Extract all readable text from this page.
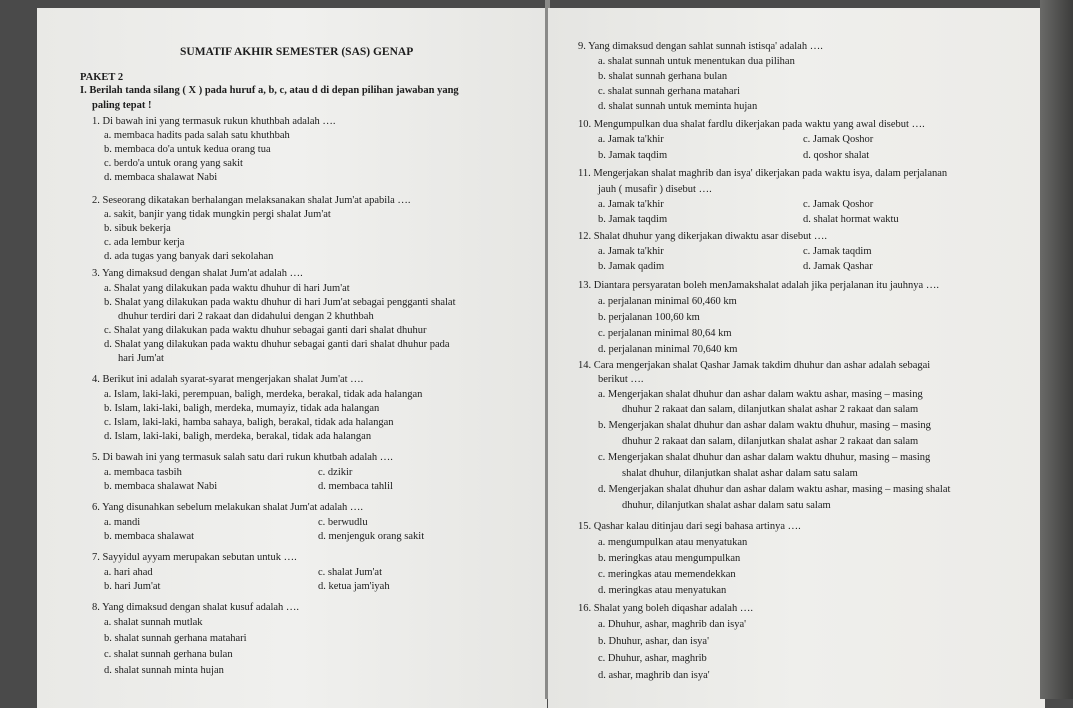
SUMATIF AKHIR SEMESTER (SAS) GENAP
PAKET 2
I. Berilah tanda silang ( X ) pada huruf a, b, c, atau d di depan pilihan jawaban yang
paling tepat !
1. Di bawah ini yang termasuk rukun khuthbah adalah ….
a. membaca hadits pada salah satu khuthbah
b. membaca do'a untuk kedua orang tua
c. berdo'a untuk orang yang sakit
d. membaca shalawat Nabi
2. Seseorang dikatakan berhalangan melaksanakan shalat Jum'at apabila ….
a. sakit, banjir yang tidak mungkin pergi shalat Jum'at
b. sibuk bekerja
c. ada lembur kerja
d. ada tugas yang banyak dari sekolahan
3. Yang dimaksud dengan shalat Jum'at adalah ….
a. Shalat yang dilakukan pada waktu dhuhur di hari Jum'at
b. Shalat yang dilakukan pada waktu dhuhur di hari Jum'at sebagai pengganti shalat
dhuhur terdiri dari 2 rakaat dan didahului dengan 2 khuthbah
c. Shalat yang dilakukan pada waktu dhuhur sebagai ganti dari shalat dhuhur
d. Shalat yang dilakukan pada waktu dhuhur sebagai ganti dari shalat dhuhur pada
hari Jum'at
4. Berikut ini adalah syarat-syarat mengerjakan shalat Jum'at ….
a. Islam, laki-laki, perempuan, baligh, merdeka, berakal, tidak ada halangan
b. Islam, laki-laki, baligh, merdeka, mumayiz, tidak ada halangan
c. Islam, laki-laki, hamba sahaya, baligh, berakal, tidak ada halangan
d. Islam, laki-laki, baligh, merdeka, berakal, tidak ada halangan
5. Di bawah ini yang termasuk salah satu dari rukun khutbah adalah ….
a. membaca tasbih	c. dzikir
b. membaca shalawat Nabi	d. membaca tahlil
6. Yang disunahkan sebelum melakukan shalat Jum'at adalah ….
a. mandi	c. berwudlu
b. membaca shalawat	d. menjenguk orang sakit
7. Sayyidul ayyam merupakan sebutan untuk ….
a. hari ahad	c. shalat Jum'at
b. hari Jum'at	d. ketua jam'iyah
8. Yang dimaksud dengan shalat kusuf adalah ….
a. shalat sunnah mutlak
b. shalat sunnah gerhana matahari
c. shalat sunnah gerhana bulan
d. shalat sunnah minta hujan
9. Yang dimaksud dengan sahlat sunnah istisqa' adalah ….
a. shalat sunnah untuk menentukan dua pilihan
b. shalat sunnah gerhana bulan
c. shalat sunnah gerhana matahari
d. shalat sunnah untuk meminta hujan
10. Mengumpulkan dua shalat fardlu dikerjakan pada waktu yang awal disebut ….
a. Jamak ta'khir	c. Jamak Qoshor
b. Jamak taqdim	d. qoshor shalat
11. Mengerjakan shalat maghrib dan isya' dikerjakan pada waktu isya, dalam perjalanan
jauh ( musafir ) disebut ….
a. Jamak ta'khir	c. Jamak Qoshor
b. Jamak taqdim	d. shalat hormat waktu
12. Shalat dhuhur yang dikerjakan diwaktu asar disebut ….
a. Jamak ta'khir	c. Jamak taqdim
b. Jamak qadim	d. Jamak Qashar
13. Diantara persyaratan boleh menJamakshalat adalah jika perjalanan itu jauhnya ….
a. perjalanan minimal 60,460 km
b. perjalanan 100,60 km
c. perjalanan minimal 80,64 km
d. perjalanan minimal 70,640 km
14. Cara mengerjakan shalat Qashar Jamak takdim dhuhur dan ashar adalah sebagai
berikut ….
a. Mengerjakan shalat dhuhur dan ashar dalam waktu ashar, masing – masing
dhuhur 2 rakaat dan salam, dilanjutkan shalat ashar 2 rakaat dan salam
b. Mengerjakan shalat dhuhur dan ashar dalam waktu dhuhur, masing – masing
dhuhur 2 rakaat dan salam, dilanjutkan shalat ashar 2 rakaat dan salam
c. Mengerjakan shalat dhuhur dan ashar dalam waktu dhuhur, masing – masing
shalat dhuhur, dilanjutkan shalat ashar dalam satu salam
d. Mengerjakan shalat dhuhur dan ashar dalam waktu ashar, masing – masing shalat
dhuhur, dilanjutkan shalat ashar dalam satu salam
15. Qashar kalau ditinjau dari segi bahasa artinya ….
a. mengumpulkan atau menyatukan
b. meringkas atau mengumpulkan
c. meringkas atau memendekkan
d. meringkas atau menyatukan
16. Shalat yang boleh diqashar adalah ….
a. Dhuhur, ashar, maghrib dan isya'
b. Dhuhur, ashar, dan isya'
c. Dhuhur, ashar, maghrib
d. ashar, maghrib dan isya'
